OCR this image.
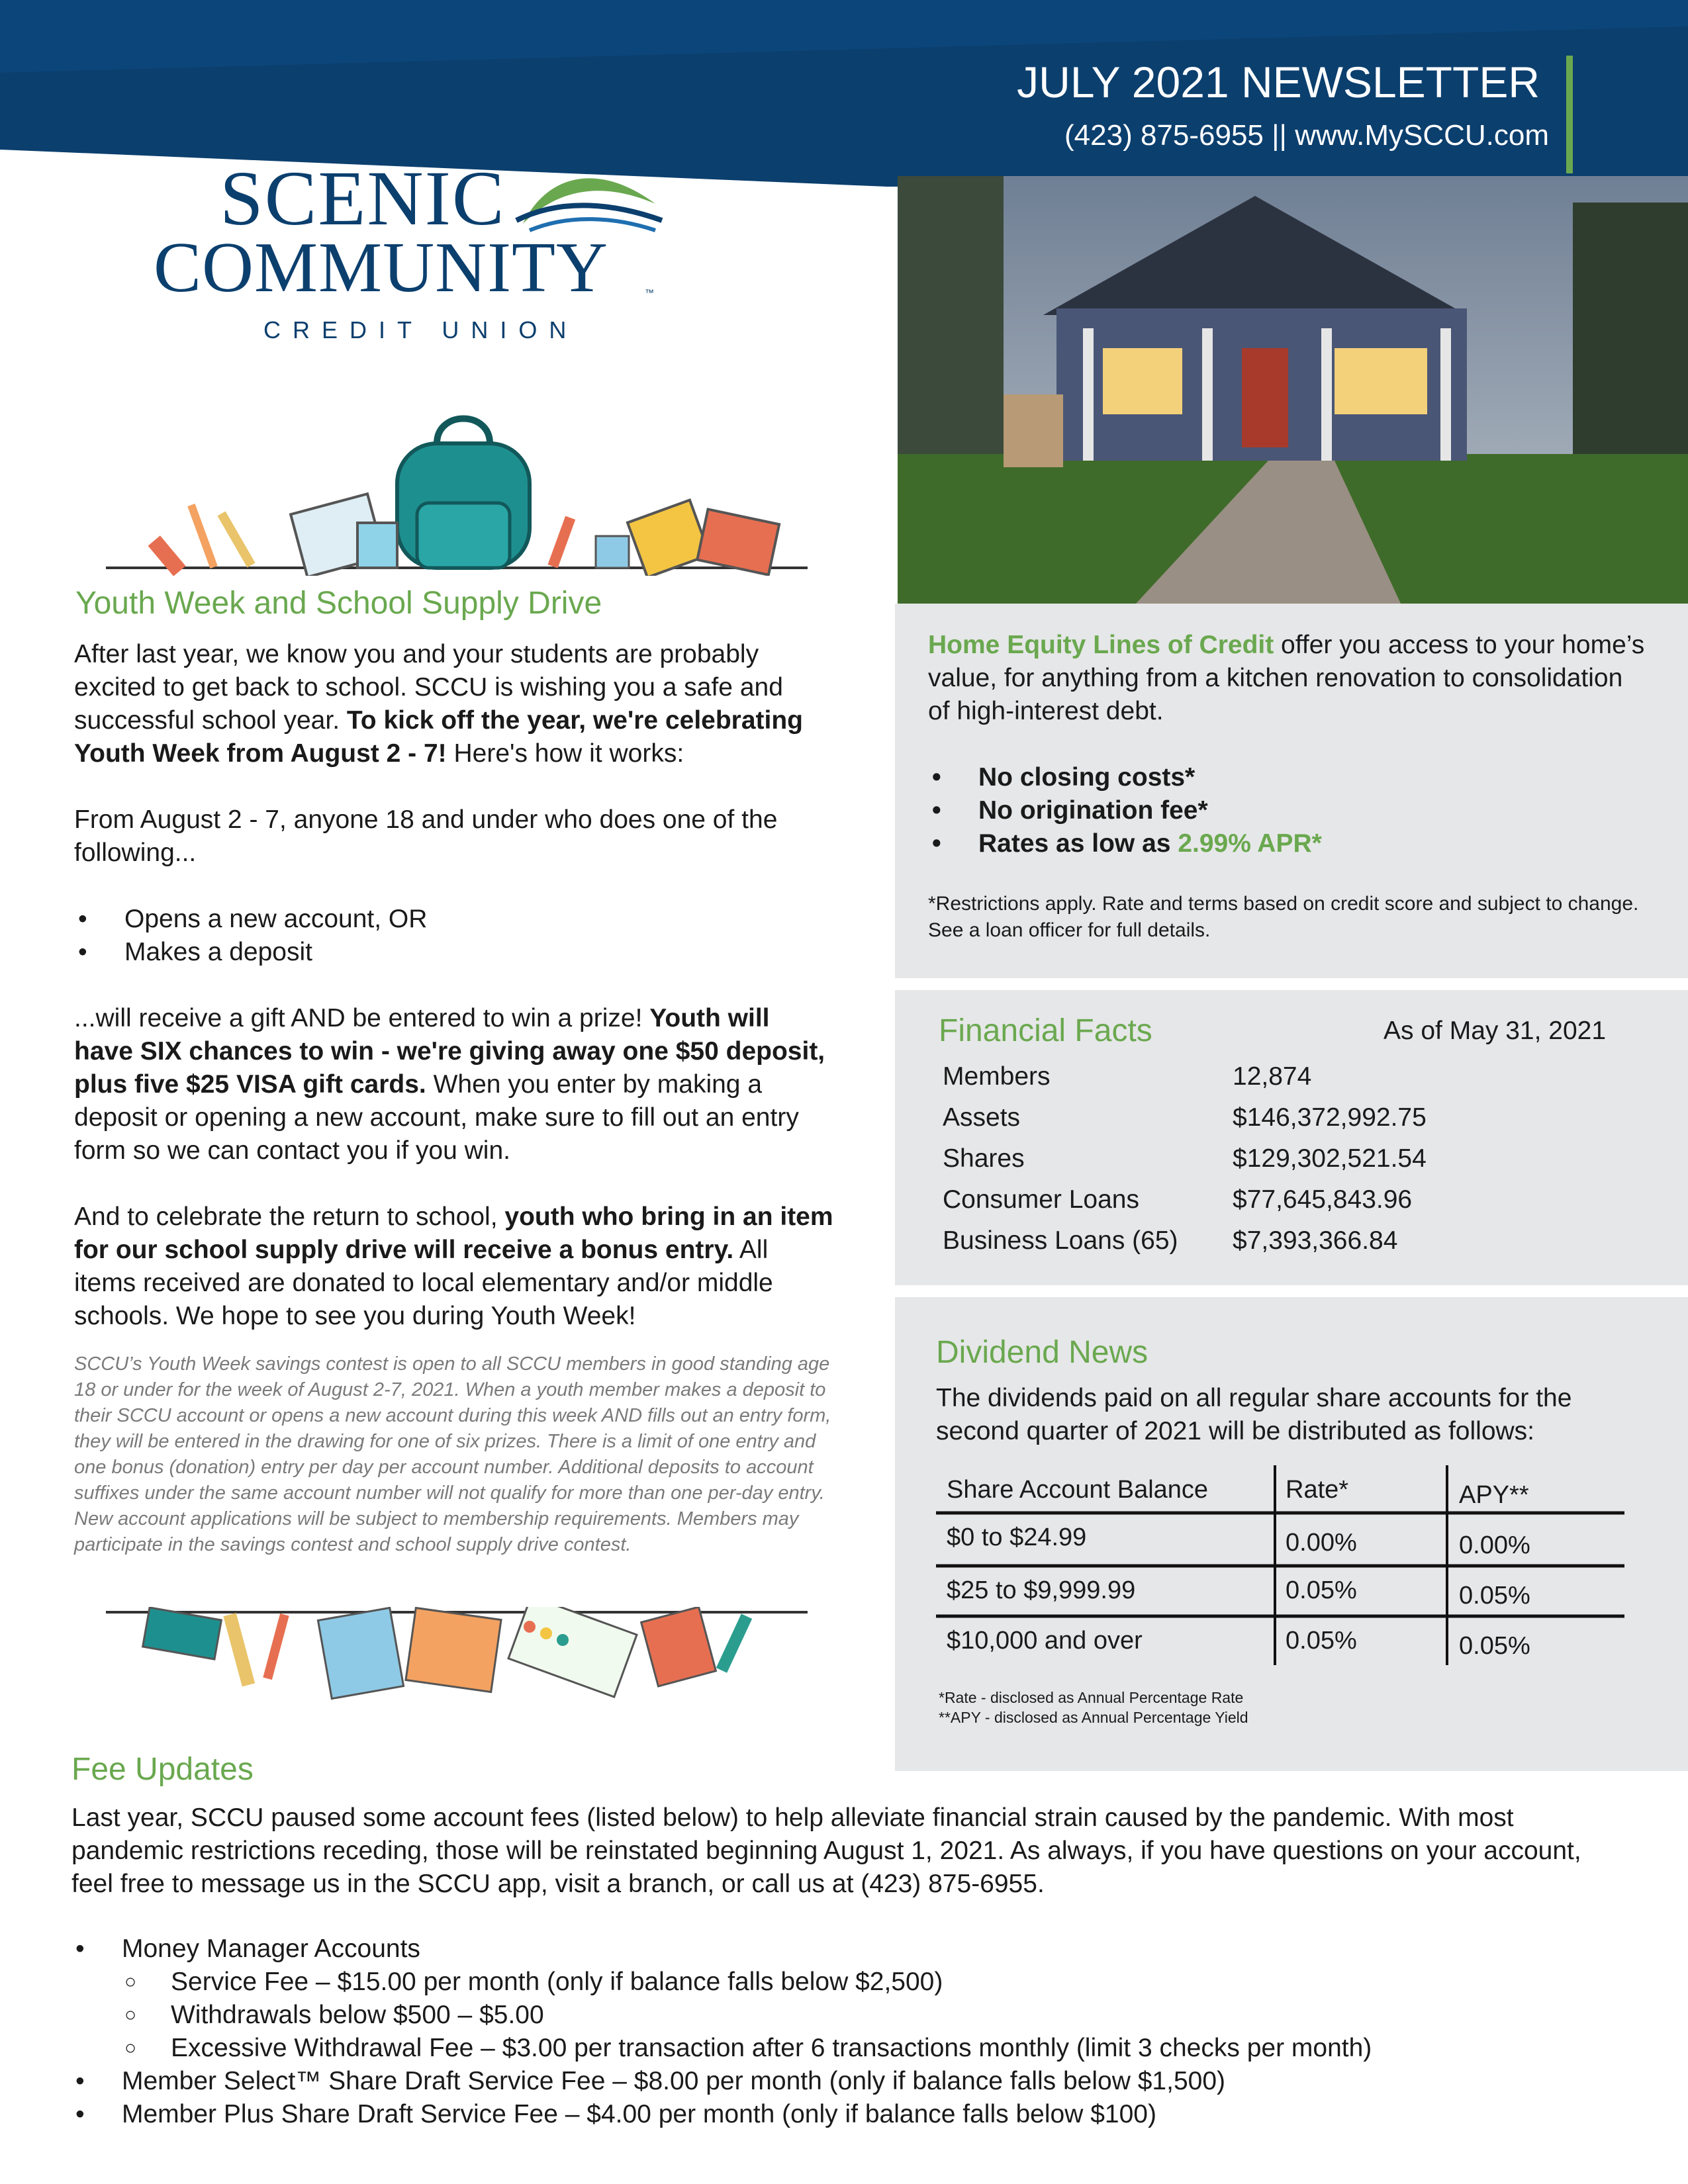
JULY 2021 NEWSLETTER
(423) 875-6955 || www.MySCCU.com
SCENIC
COMMUNITY	™
CREDIT UNION
Youth Week and School Supply Drive

After last year, we know you and your students are probably excited to get back to school. SCCU is wishing you a safe and successful school year. To kick off the year, we're celebrating Youth Week from August 2 - 7! Here's how it works:

From August 2 - 7, anyone 18 and under who does one of the following...

• Opens a new account, OR
• Makes a deposit

...will receive a gift AND be entered to win a prize! Youth will have SIX chances to win - we're giving away one $50 deposit, plus five $25 VISA gift cards. When you enter by making a deposit or opening a new account, make sure to fill out an entry form so we can contact you if you win.

And to celebrate the return to school, youth who bring in an item for our school supply drive will receive a bonus entry. All items received are donated to local elementary and/or middle schools. We hope to see you during Youth Week!

SCCU’s Youth Week savings contest is open to all SCCU members in good standing age 18 or under for the week of August 2-7, 2021. When a youth member makes a deposit to their SCCU account or opens a new account during this week AND fills out an entry form, they will be entered in the drawing for one of six prizes. There is a limit of one entry and one bonus (donation) entry per day per account number. Additional deposits to account suffixes under the same account number will not qualify for more than one per-day entry. New account applications will be subject to membership requirements. Members may participate in the savings contest and school supply drive contest.
Home Equity Lines of Credit offer you access to your home’s value, for anything from a kitchen renovation to consolidation of high-interest debt.
• No closing costs*
• No origination fee*
• Rates as low as 2.99% APR*
*Restrictions apply. Rate and terms based on credit score and subject to change. See a loan officer for full details.
Financial Facts	As of May 31, 2021
Members	12,874
Assets	$146,372,992.75
Shares	$129,302,521.54
Consumer Loans	$77,645,843.96
Business Loans (65) $7,393,366.84
Dividend News
The dividends paid on all regular share accounts for the second quarter of 2021 will be distributed as follows:
Share Account Balance	Rate*	APY**
$0 to $24.99	0.00%	0.00%
$25 to $9,999.99	0.05%	0.05%
$10,000 and over	0.05%	0.05%
*Rate - disclosed as Annual Percentage Rate
**APY - disclosed as Annual Percentage Yield
Fee Updates
Last year, SCCU paused some account fees (listed below) to help alleviate financial strain caused by the pandemic. With most pandemic restrictions receding, those will be reinstated beginning August 1, 2021. As always, if you have questions on your account, feel free to message us in the SCCU app, visit a branch, or call us at (423) 875-6955.
• Money Manager Accounts
○ Service Fee – $15.00 per month (only if balance falls below $2,500)
○ Withdrawals below $500 – $5.00
○ Excessive Withdrawal Fee – $3.00 per transaction after 6 transactions monthly (limit 3 checks per month)
• Member Select™ Share Draft Service Fee – $8.00 per month (only if balance falls below $1,500)
• Member Plus Share Draft Service Fee – $4.00 per month (only if balance falls below $100)
